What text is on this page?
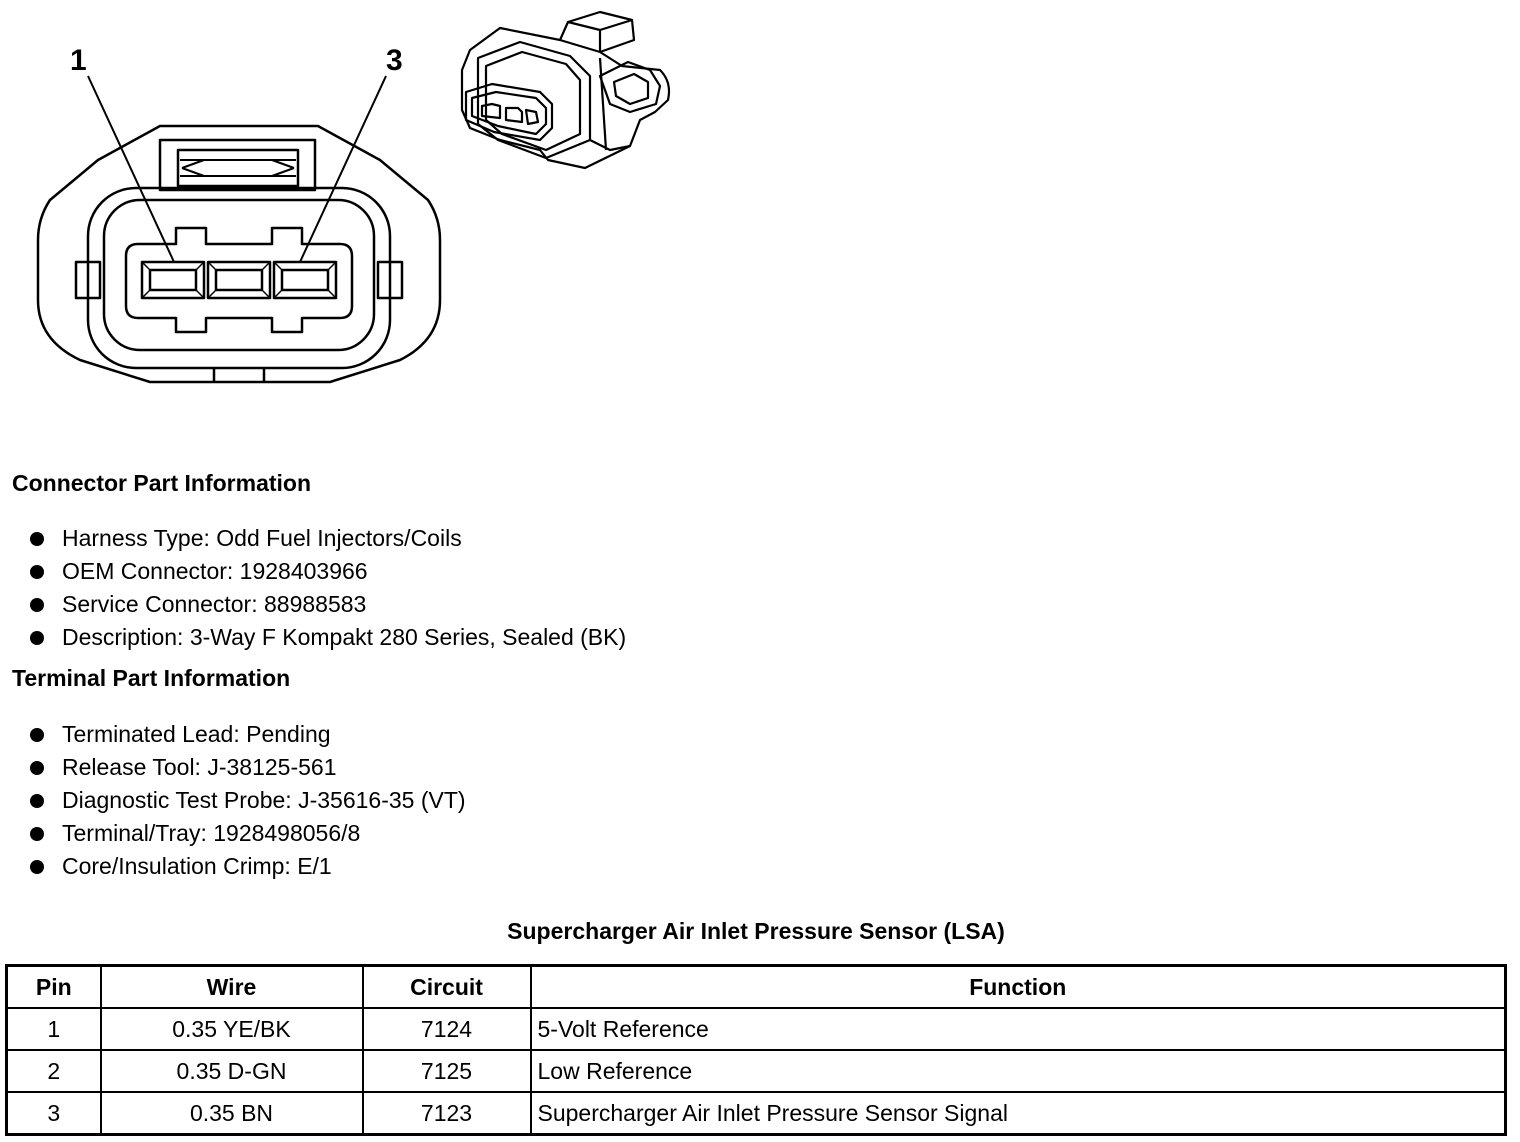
1	3
Connector Part Information
Harness Type: Odd Fuel Injectors/Coils
OEM Connector: 1928403966
Service Connector: 88988583
Description: 3-Way F Kompakt 280 Series, Sealed (BK)
Terminal Part Information
Terminated Lead: Pending
Release Tool: J-38125-561
Diagnostic Test Probe: J-35616-35 (VT)
Terminal/Tray: 1928498056/8
Core/Insulation Crimp: E/1
Supercharger Air Inlet Pressure Sensor (LSA)
Pin	Wire	Circuit	Function
1	0.35 YE/BK	7124	5-Volt Reference
2	0.35 D-GN	7125	Low Reference
3	0.35 BN	7123	Supercharger Air Inlet Pressure Sensor Signal
